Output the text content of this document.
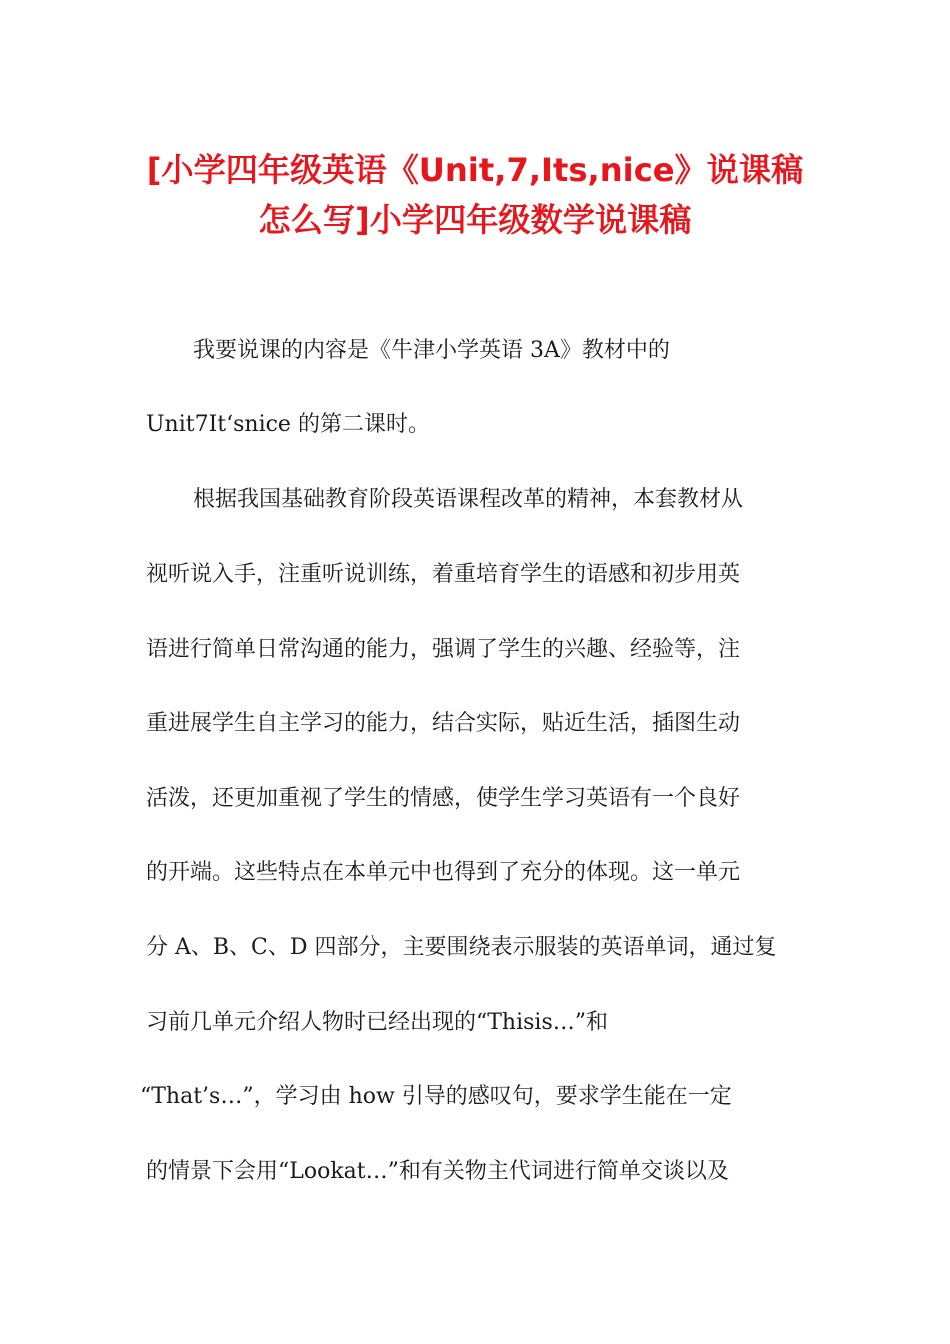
[小学四年级英语《Unit,7,Its,nice》说课稿
怎么写]小学四年级数学说课稿
我要说课的内容是《牛津小学英语 3A》教材中的
Unit7It‘snice 的第二课时。
根据我国基础教育阶段英语课程改革的精神，本套教材从
视听说入手，注重听说训练，着重培育学生的语感和初步用英
语进行简单日常沟通的能力，强调了学生的兴趣、经验等，注
重进展学生自主学习的能力，结合实际，贴近生活，插图生动
活泼，还更加重视了学生的情感，使学生学习英语有一个良好
的开端。这些特点在本单元中也得到了充分的体现。这一单元
分 A、B、C、D 四部分，主要围绕表示服装的英语单词，通过复
习前几单元介绍人物时已经出现的“Thisis…”和
“That’s…”，学习由 how 引导的感叹句，要求学生能在一定
的情景下会用“Lookat…”和有关物主代词进行简单交谈以及
